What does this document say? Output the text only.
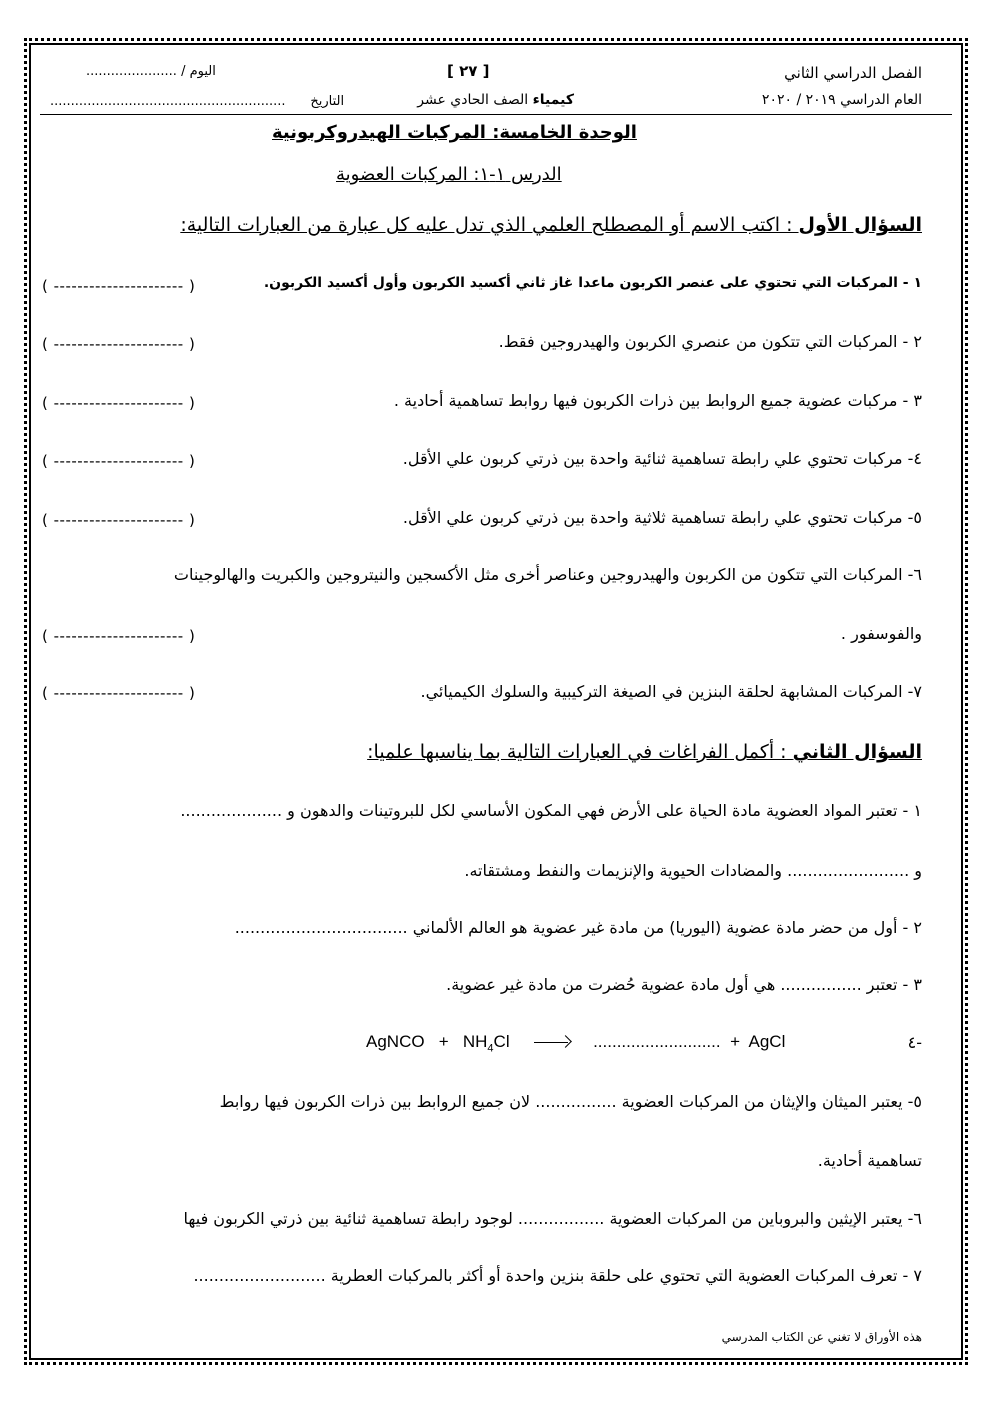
الفصل الدراسي الثاني
العام الدراسي ٢٠١٩ / ٢٠٢٠
[ ٢٧ ]
كيمياء الصف الحادي عشر
اليوم / ......................
التاريخ      .........................................................
الوحدة الخامسة: المركبات الهيدروكربونية
الدرس ١-١: المركبات العضوية
السؤال الأول : اكتب الاسم أو المصطلح العلمي الذي تدل عليه كل عبارة من العبارات التالية:
١ - المركبات التي تحتوي على عنصر الكربون ماعدا غاز ثاني أكسيد الكربون وأول أكسيد الكربون.
( ---------------------- )
٢ - المركبات التي تتكون من عنصري الكربون والهيدروجين فقط.
( ---------------------- )
٣ - مركبات عضوية جميع الروابط بين ذرات الكربون فيها روابط تساهمية أحادية .
( ---------------------- )
٤- مركبات تحتوي علي رابطة تساهمية ثنائية واحدة بين ذرتي كربون علي الأقل.
( ---------------------- )
٥- مركبات تحتوي علي رابطة تساهمية ثلاثية واحدة بين ذرتي كربون علي الأقل.
( ---------------------- )
٦- المركبات التي تتكون من الكربون والهيدروجين وعناصر أخرى مثل الأكسجين والنيتروجين والكبريت والهالوجينات
والفوسفور .
( ---------------------- )
٧- المركبات المشابهة لحلقة البنزين في الصيغة التركيبية والسلوك الكيميائي.
( ---------------------- )
السؤال الثاني : أكمل الفراغات في العبارات التالية بما يناسبها علميا:
١ - تعتبر المواد العضوية مادة الحياة على الأرض فهي المكون الأساسي لكل للبروتينات والدهون و ....................
و ........................ والمضادات الحيوية والإنزيمات والنفط ومشتقاته.
٢ - أول من حضر مادة عضوية (اليوريا) من مادة غير عضوية هو العالم الألماني ..................................
٣ - تعتبر ................ هي أول مادة عضوية حُضرت من مادة غير عضوية.
-٤
AgNCO + $NH_4Cl$	........................... + AgCl
٥- يعتبر الميثان والإيثان من المركبات العضوية ................ لان جميع الروابط بين ذرات الكربون فيها روابط
تساهمية أحادية.
٦- يعتبر الإيثين والبروباين من المركبات العضوية ................. لوجود رابطة تساهمية ثنائية بين ذرتي الكربون فيها
٧ - تعرف المركبات العضوية التي تحتوي على حلقة بنزين واحدة أو أكثر بالمركبات العطرية ..........................
هذه الأوراق لا تغني عن الكتاب المدرسي
